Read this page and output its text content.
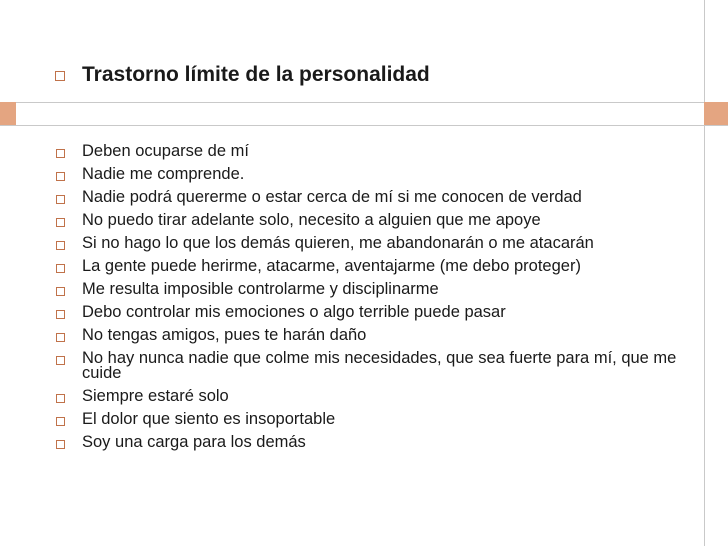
Trastorno límite de la personalidad
Deben ocuparse de mí
Nadie me comprende.
Nadie podrá quererme o estar cerca de mí si me conocen de verdad
No puedo tirar adelante solo, necesito a alguien que me apoye
Si no hago lo que los demás quieren, me abandonarán o me atacarán
La gente puede herirme, atacarme, aventajarme (me debo proteger)
Me resulta imposible controlarme y disciplinarme
Debo controlar mis emociones o algo terrible puede pasar
No tengas amigos, pues te harán daño
No hay nunca nadie que colme mis necesidades, que sea fuerte para mí, que me cuide
Siempre estaré solo
El dolor que siento es insoportable
Soy una carga para los demás
